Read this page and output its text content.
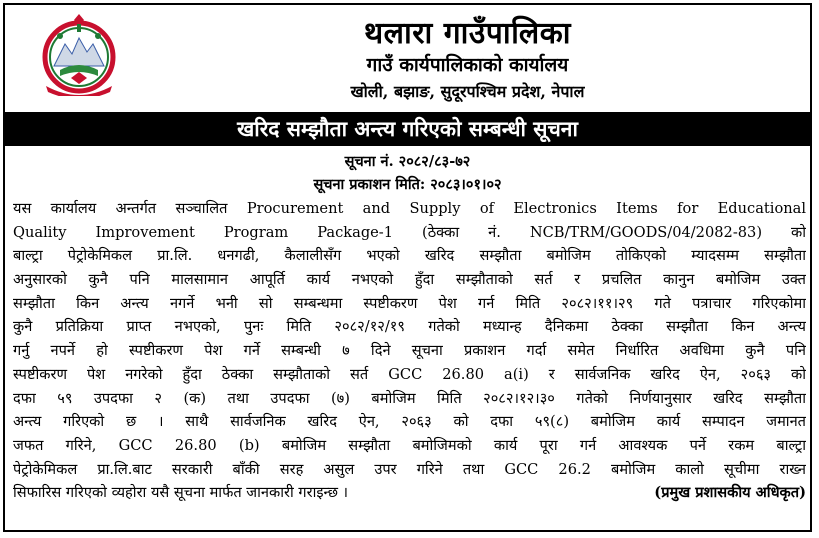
थलारा गाउँपालिका
गाउँ कार्यपालिकाको कार्यालय
खोली, बझाङ, सुदूरपश्चिम प्रदेश, नेपाल
खरिद सम्झौता अन्त्य गरिएको सम्बन्धी सूचना
सूचना नं. २०८२/८३-७२
सूचना प्रकाशन मिति: २०८३।०१।०२
यस कार्यालय अन्तर्गत सञ्चालित Procurement and Supply of Electronics Items for Educational
Quality Improvement Program Package-1 (ठेक्का नं. NCB/TRM/GOODS/04/2082-83) को
बाल्ट्रा पेट्रोकेमिकल प्रा.लि. धनगढी, कैलालीसँग भएको खरिद सम्झौता बमोजिम तोकिएको म्यादसम्म सम्झौता
अनुसारको कुनै पनि मालसामान आपूर्ति कार्य नभएको हुँदा सम्झौताको सर्त र प्रचलित कानुन बमोजिम उक्त
सम्झौता किन अन्त्य नगर्ने भनी सो सम्बन्धमा स्पष्टीकरण पेश गर्न मिति २०८२।११।२९ गते पत्राचार गरिएकोमा
कुनै प्रतिक्रिया प्राप्त नभएको, पुनः मिति २०८२/१२/१९ गतेको मध्यान्ह दैनिकमा ठेक्का सम्झौता किन अन्त्य
गर्नु नपर्ने हो स्पष्टीकरण पेश गर्ने सम्बन्धी ७ दिने सूचना प्रकाशन गर्दा समेत निर्धारित अवधिमा कुनै पनि
स्पष्टीकरण पेश नगरेको हुँदा ठेक्का सम्झौताको सर्त GCC 26.80 a(i) र सार्वजनिक खरिद ऐन, २०६३ को
दफा ५९ उपदफा २ (क) तथा उपदफा (७) बमोजिम मिति २०८२।१२।३० गतेको निर्णयानुसार खरिद सम्झौता
अन्त्य गरिएको छ । साथै सार्वजनिक खरिद ऐन, २०६३ को दफा ५९(८) बमोजिम कार्य सम्पादन जमानत
जफत गरिने, GCC 26.80 (b) बमोजिम सम्झौता बमोजिमको कार्य पूरा गर्न आवश्यक पर्ने रकम बाल्ट्रा
पेट्रोकेमिकल प्रा.लि.बाट सरकारी बाँकी सरह असुल उपर गरिने तथा GCC 26.2 बमोजिम कालो सूचीमा राख्न
सिफारिस गरिएको व्यहोरा यसै सूचना मार्फत जानकारी गराइन्छ ।	(प्रमुख प्रशासकीय अधिकृत)
